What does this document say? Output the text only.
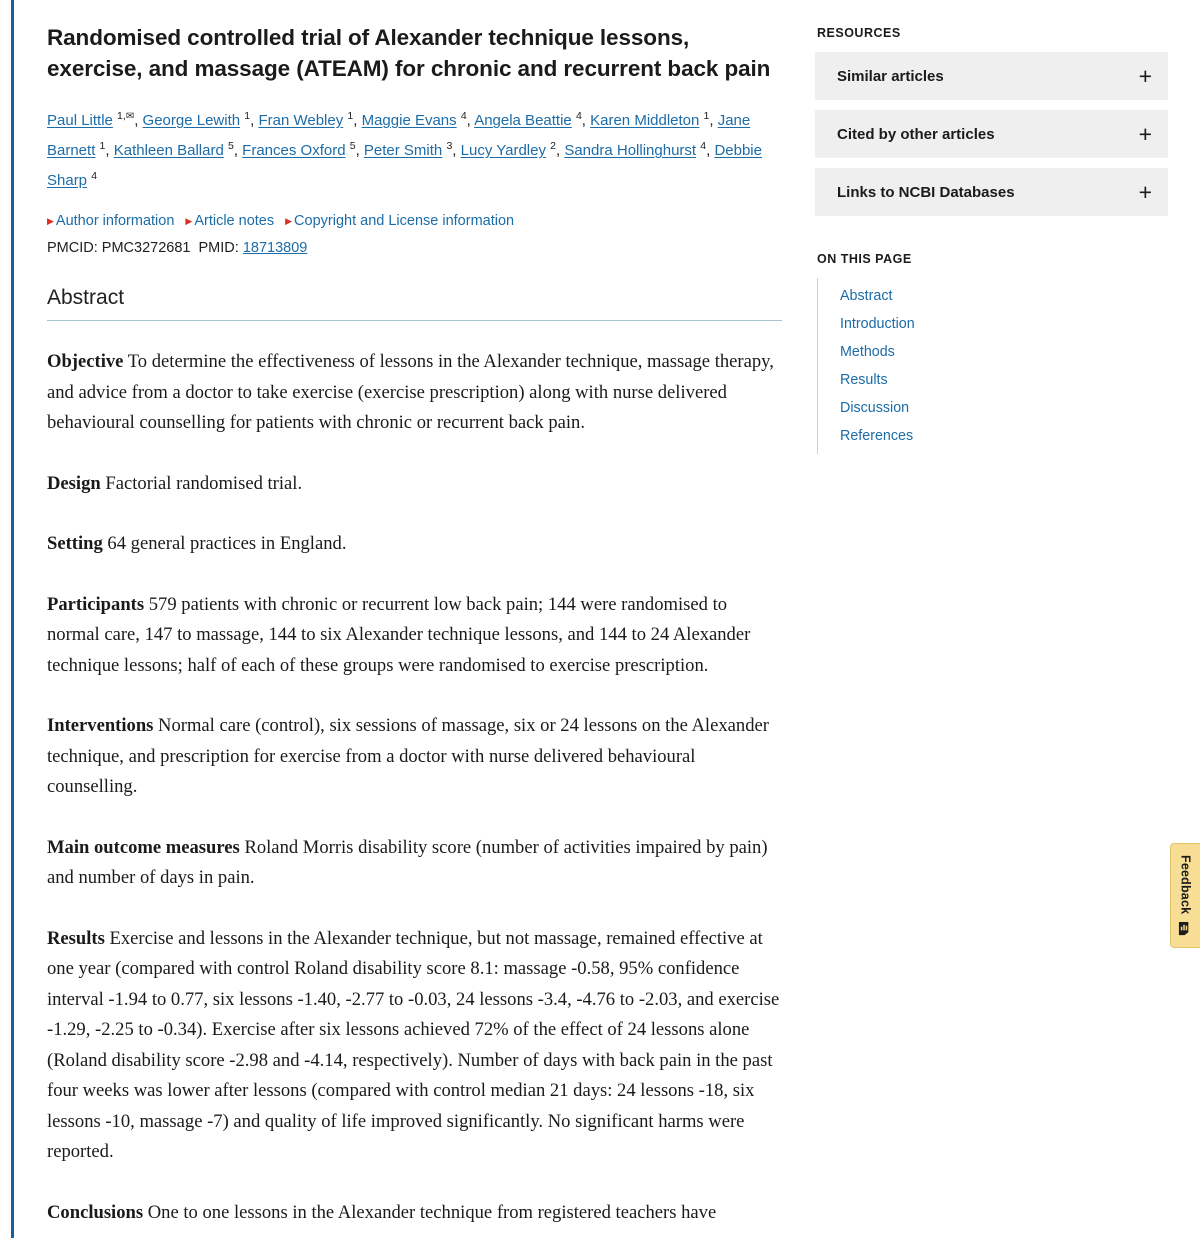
Randomised controlled trial of Alexander technique lessons, exercise, and massage (ATEAM) for chronic and recurrent back pain
Paul Little $^{1,✉}$, George Lewith $^1$, Fran Webley $^1$, Maggie Evans $^4$, Angela Beattie $^4$, Karen Middleton $^1$, Jane Barnett $^1$, Kathleen Ballard $^5$, Frances Oxford $^5$, Peter Smith $^3$, Lucy Yardley $^2$, Sandra Hollinghurst $^4$, Debbie Sharp $^4$
▶ Author information ▶ Article notes ▶ Copyright and License information
PMCID: PMC3272681 PMID: 18713809
Abstract

Objective To determine the effectiveness of lessons in the Alexander technique, massage therapy, and advice from a doctor to take exercise (exercise prescription) along with nurse delivered behavioural counselling for patients with chronic or recurrent back pain.

Design Factorial randomised trial.

Setting 64 general practices in England.

Participants 579 patients with chronic or recurrent low back pain; 144 were randomised to normal care, 147 to massage, 144 to six Alexander technique lessons, and 144 to 24 Alexander technique lessons; half of each of these groups were randomised to exercise prescription.

Interventions Normal care (control), six sessions of massage, six or 24 lessons on the Alexander technique, and prescription for exercise from a doctor with nurse delivered behavioural counselling.

Main outcome measures Roland Morris disability score (number of activities impaired by pain) and number of days in pain.

Results Exercise and lessons in the Alexander technique, but not massage, remained effective at one year (compared with control Roland disability score 8.1: massage -0.58, 95% confidence interval -1.94 to 0.77, six lessons -1.40, -2.77 to -0.03, 24 lessons -3.4, -4.76 to -2.03, and exercise -1.29, -2.25 to -0.34). Exercise after six lessons achieved 72% of the effect of 24 lessons alone (Roland disability score -2.98 and -4.14, respectively). Number of days with back pain in the past four weeks was lower after lessons (compared with control median 21 days: 24 lessons -18, six lessons -10, massage -7) and quality of life improved significantly. No significant harms were reported.

Conclusions One to one lessons in the Alexander technique from registered teachers have

RESOURCES
Similar articles	+
Cited by other articles	+
Links to NCBI Databases	+
ON THIS PAGE
Abstract
Introduction
Methods
Results
Discussion
References
Feedback
